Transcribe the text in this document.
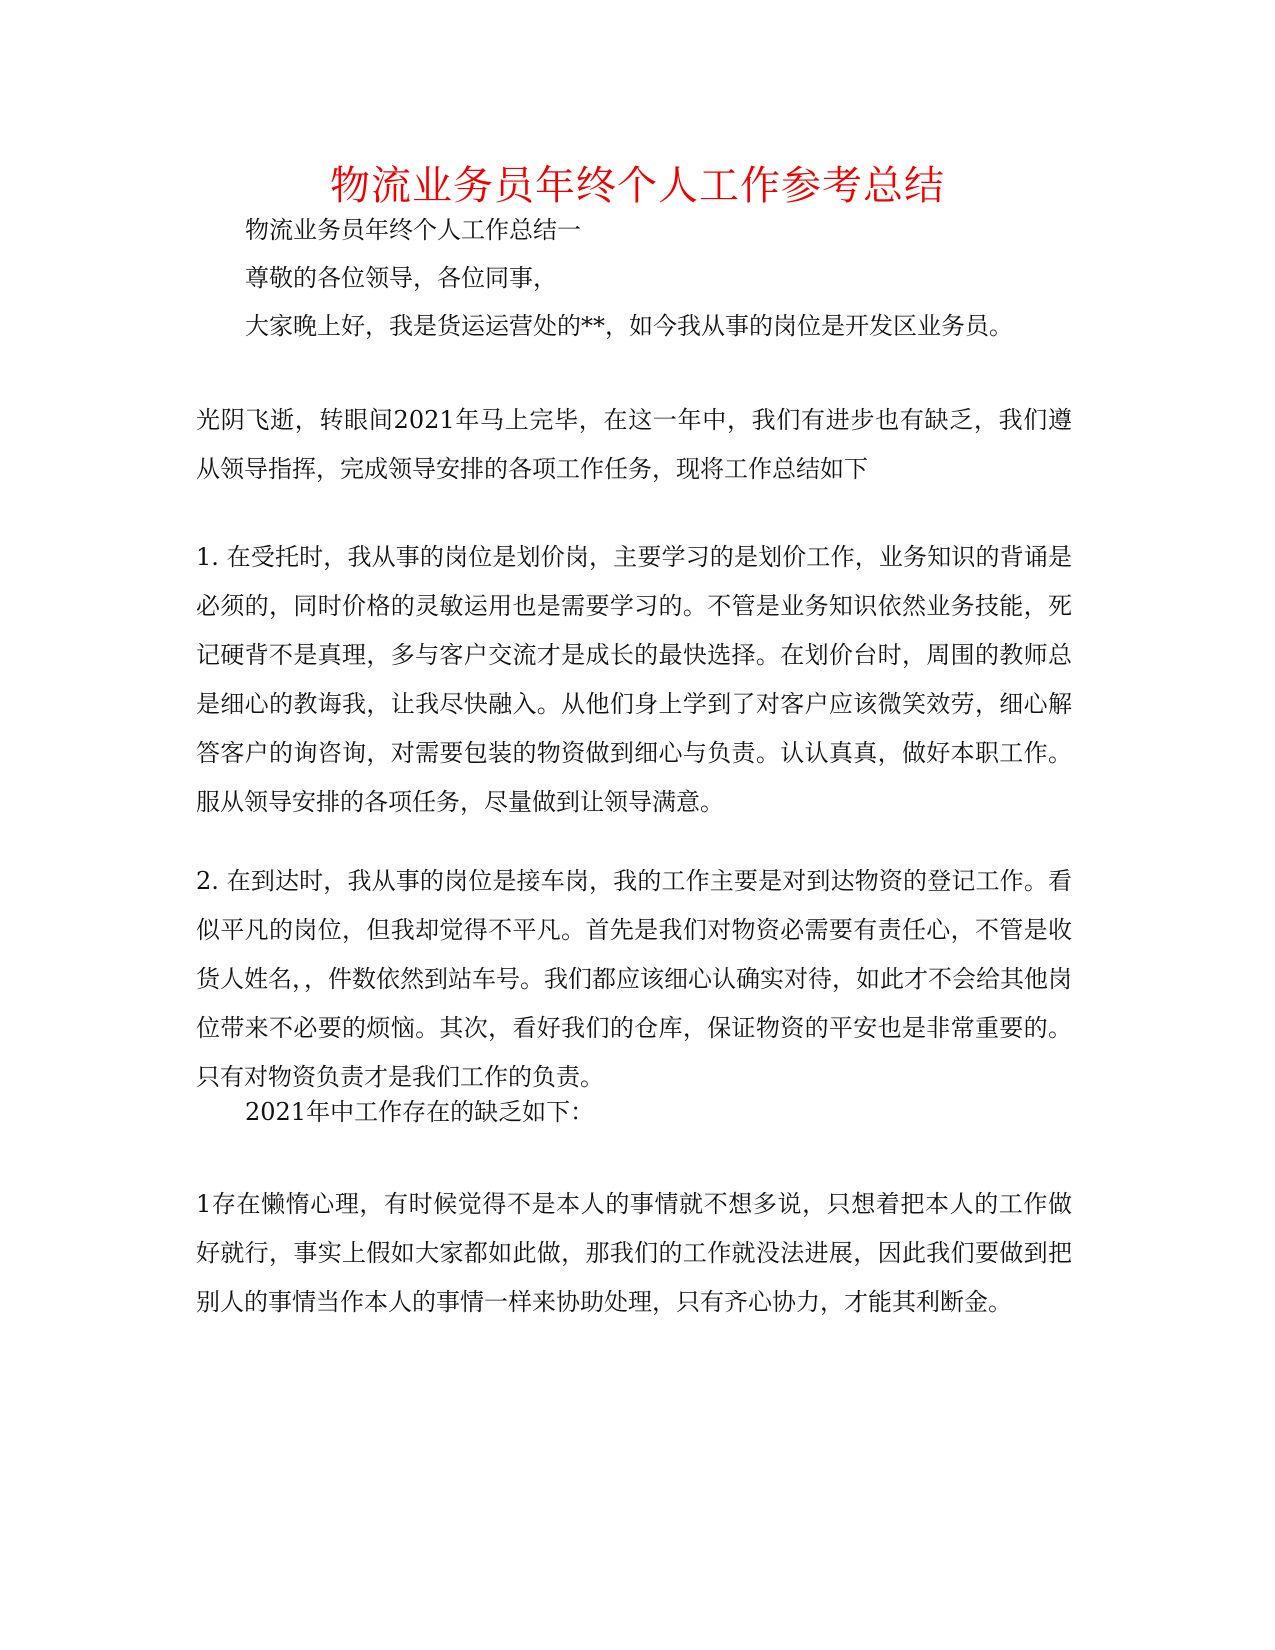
物流业务员年终个人工作参考总结
物流业务员年终个人工作总结一
尊敬的各位领导，各位同事，
大家晚上好，我是货运运营处的**，如今我从事的岗位是开发区业务员。
光阴飞逝，转眼间2021年马上完毕，在这一年中，我们有进步也有缺乏，我们遵从领导指挥，完成领导安排的各项工作任务，现将工作总结如下
1. 在受托时，我从事的岗位是划价岗，主要学习的是划价工作，业务知识的背诵是必须的，同时价格的灵敏运用也是需要学习的。不管是业务知识依然业务技能，死记硬背不是真理，多与客户交流才是成长的最快选择。在划价台时，周围的教师总是细心的教诲我，让我尽快融入。从他们身上学到了对客户应该微笑效劳，细心解答客户的询咨询，对需要包装的物资做到细心与负责。认认真真，做好本职工作。服从领导安排的各项任务，尽量做到让领导满意。
2. 在到达时，我从事的岗位是接车岗，我的工作主要是对到达物资的登记工作。看似平凡的岗位，但我却觉得不平凡。首先是我们对物资必需要有责任心，不管是收货人姓名，，件数依然到站车号。我们都应该细心认确实对待，如此才不会给其他岗位带来不必要的烦恼。其次，看好我们的仓库，保证物资的平安也是非常重要的。只有对物资负责才是我们工作的负责。
2021年中工作存在的缺乏如下：
1存在懒惰心理，有时候觉得不是本人的事情就不想多说，只想着把本人的工作做好就行，事实上假如大家都如此做，那我们的工作就没法进展，因此我们要做到把别人的事情当作本人的事情一样来协助处理，只有齐心协力，才能其利断金。
